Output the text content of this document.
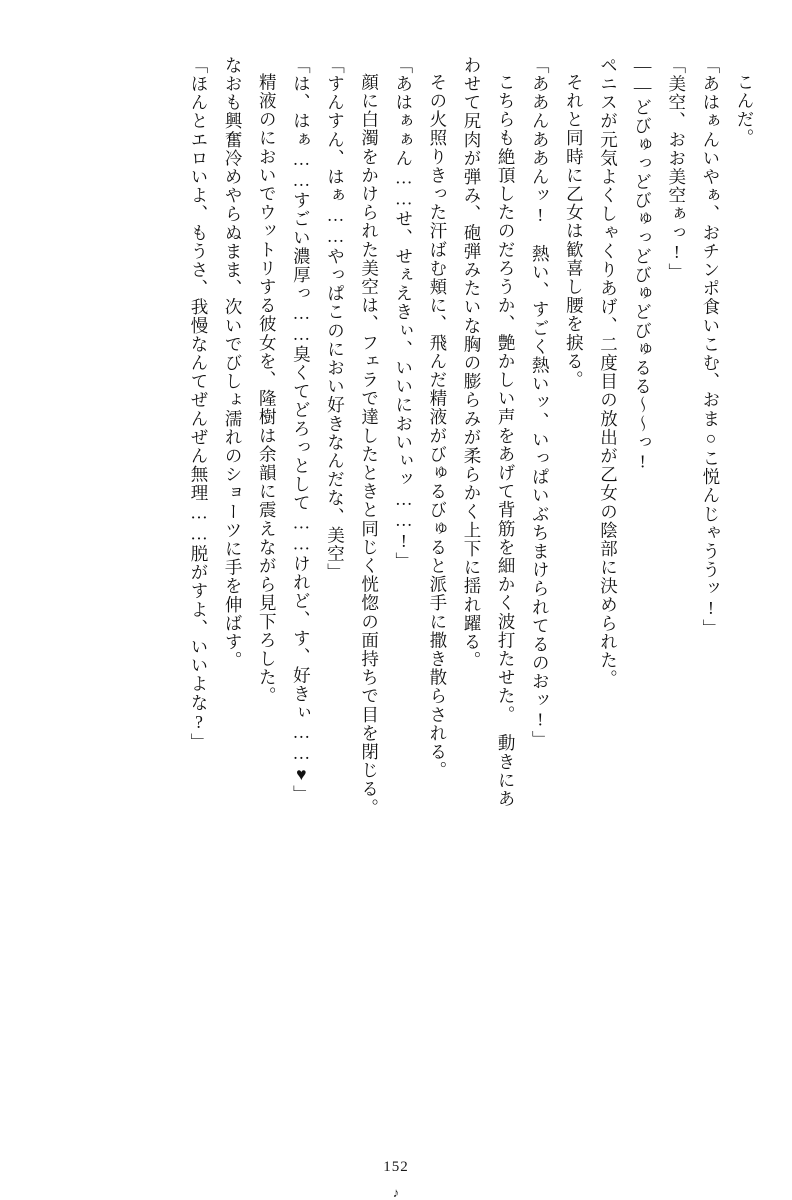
こんだ。

「あはぁんいやぁ、おチンポ食いこむ、おま○こ悦んじゃううッ!」

「美空、おお美空ぁっ!」

――どびゅっどびゅっどびゅどびゅるる～～っ!

ペニスが元気よくしゃくりあげ、二度目の放出が乙女の陰部に決められた。

それと同時に乙女は歓喜し腰を捩る。

「ああんああんッ!　熱い、すごく熱いッ、いっぱいぶちまけられてるのおッ!」

こちらも絶頂したのだろうか、艶かしい声をあげて背筋を細かく波打たせた。　動きにあ

わせて尻肉が弾み、砲弾みたいな胸の膨らみが柔らかく上下に揺れ躍る。

その火照りきった汗ばむ頬に、飛んだ精液がびゅるびゅると派手に撒き散らされる。

「あはぁぁん……せ、せぇえきぃ、いいにおいぃッ……!」

顔に白濁をかけられた美空は、フェラで達したときと同じく恍惚の面持ちで目を閉じる。

「すんすん、はぁ……やっぱこのにおい好きなんだな、美空」

「は、はぁ……すごい濃厚っ……臭くてどろっとして……けれど、す、好きぃ……♥」

精液のにおいでウットリする彼女を、隆樹は余韻に震えながら見下ろした。

なおも興奮冷めやらぬまま、次いでびしょ濡れのショーツに手を伸ばす。

「ほんとエロいよ、もうさ、我慢なんてぜんぜん無理……脱がすよ、いいよな?」

152
♪
